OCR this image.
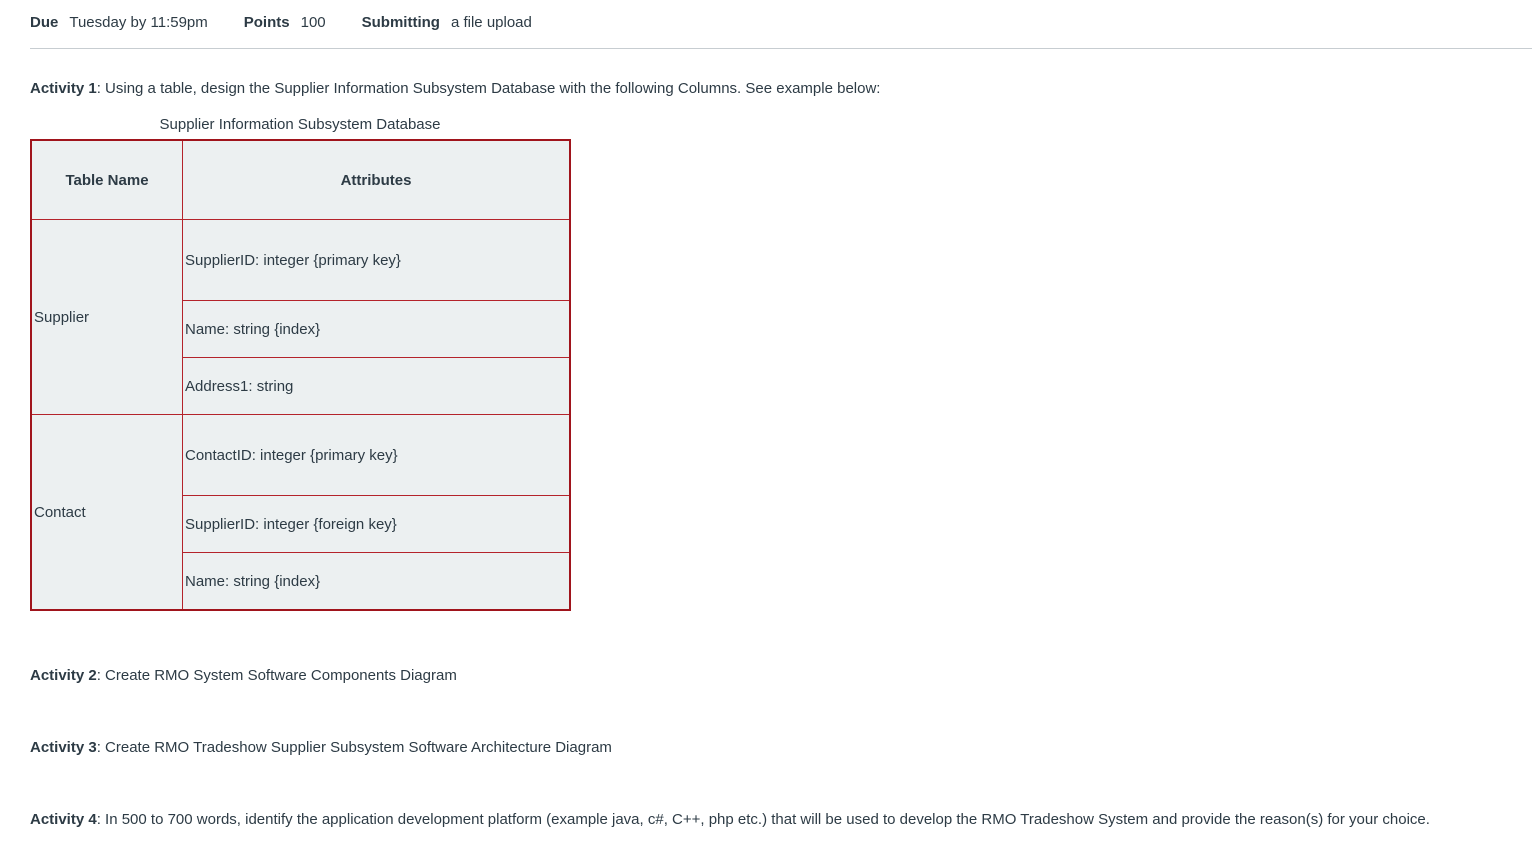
Due Tuesday by 11:59pm Points 100 Submitting a file upload
Activity 1: Using a table, design the Supplier Information Subsystem Database with the following Columns. See example below:
Supplier Information Subsystem Database
Table Name	Attributes
Supplier	SupplierID: integer {primary key}
	Name: string {index}
	Address1: string
Contact	ContactID: integer {primary key}
	SupplierID: integer {foreign key}
	Name: string {index}
Activity 2: Create RMO System Software Components Diagram
Activity 3: Create RMO Tradeshow Supplier Subsystem Software Architecture Diagram
Activity 4: In 500 to 700 words, identify the application development platform (example java, c#, C++, php etc.) that will be used to develop the RMO Tradeshow System and provide the reason(s) for your choice.
